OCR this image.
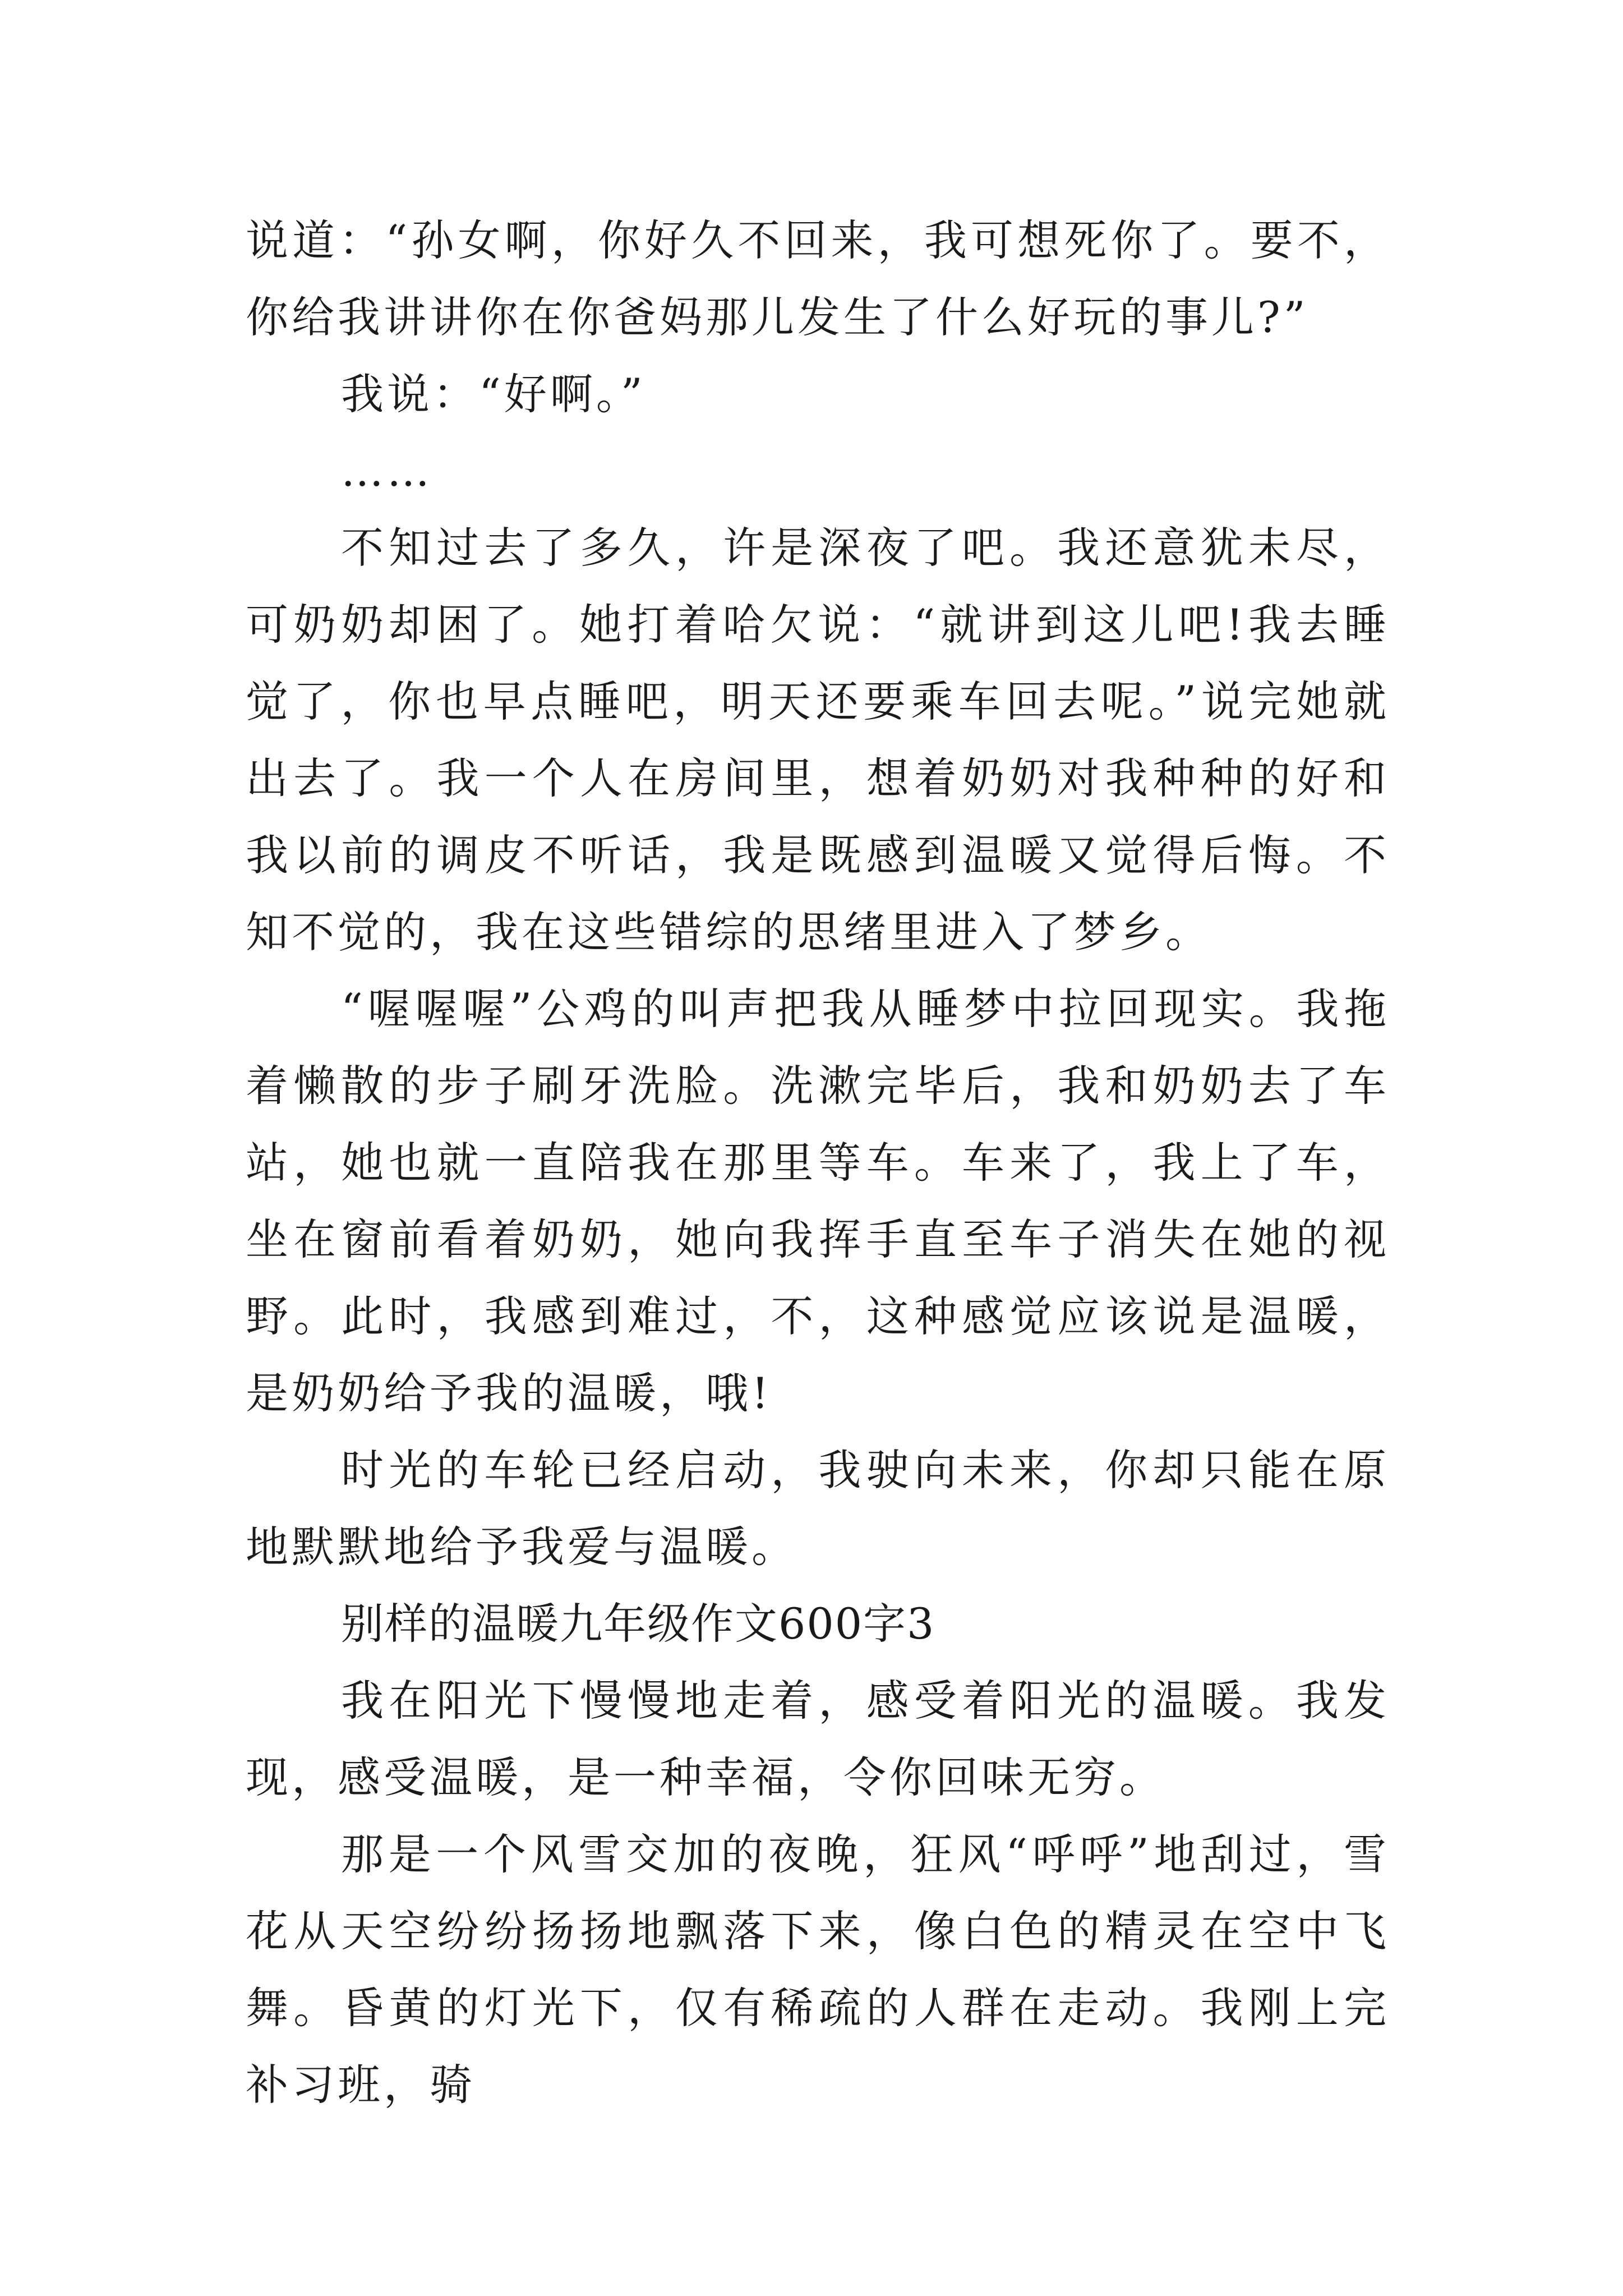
说道：“孙女啊，你好久不回来，我可想死你了。要不，你给我讲讲你在你爸妈那儿发生了什么好玩的事儿?”

我说：“好啊。”

……

不知过去了多久，许是深夜了吧。我还意犹未尽，可奶奶却困了。她打着哈欠说：“就讲到这儿吧!我去睡觉了，你也早点睡吧，明天还要乘车回去呢。”说完她就出去了。我一个人在房间里，想着奶奶对我种种的好和我以前的调皮不听话，我是既感到温暖又觉得后悔。不知不觉的，我在这些错综的思绪里进入了梦乡。

“喔喔喔”公鸡的叫声把我从睡梦中拉回现实。我拖着懒散的步子刷牙洗脸。洗漱完毕后，我和奶奶去了车站，她也就一直陪我在那里等车。车来了，我上了车，坐在窗前看着奶奶，她向我挥手直至车子消失在她的视野。此时，我感到难过，不，这种感觉应该说是温暖，是奶奶给予我的温暖，哦!

时光的车轮已经启动，我驶向未来，你却只能在原地默默地给予我爱与温暖。

别样的温暖九年级作文600字3

我在阳光下慢慢地走着，感受着阳光的温暖。我发现，感受温暖，是一种幸福，令你回味无穷。

那是一个风雪交加的夜晚，狂风“呼呼”地刮过，雪花从天空纷纷扬扬地飘落下来，像白色的精灵在空中飞舞。昏黄的灯光下，仅有稀疏的人群在走动。我刚上完补习班，骑
